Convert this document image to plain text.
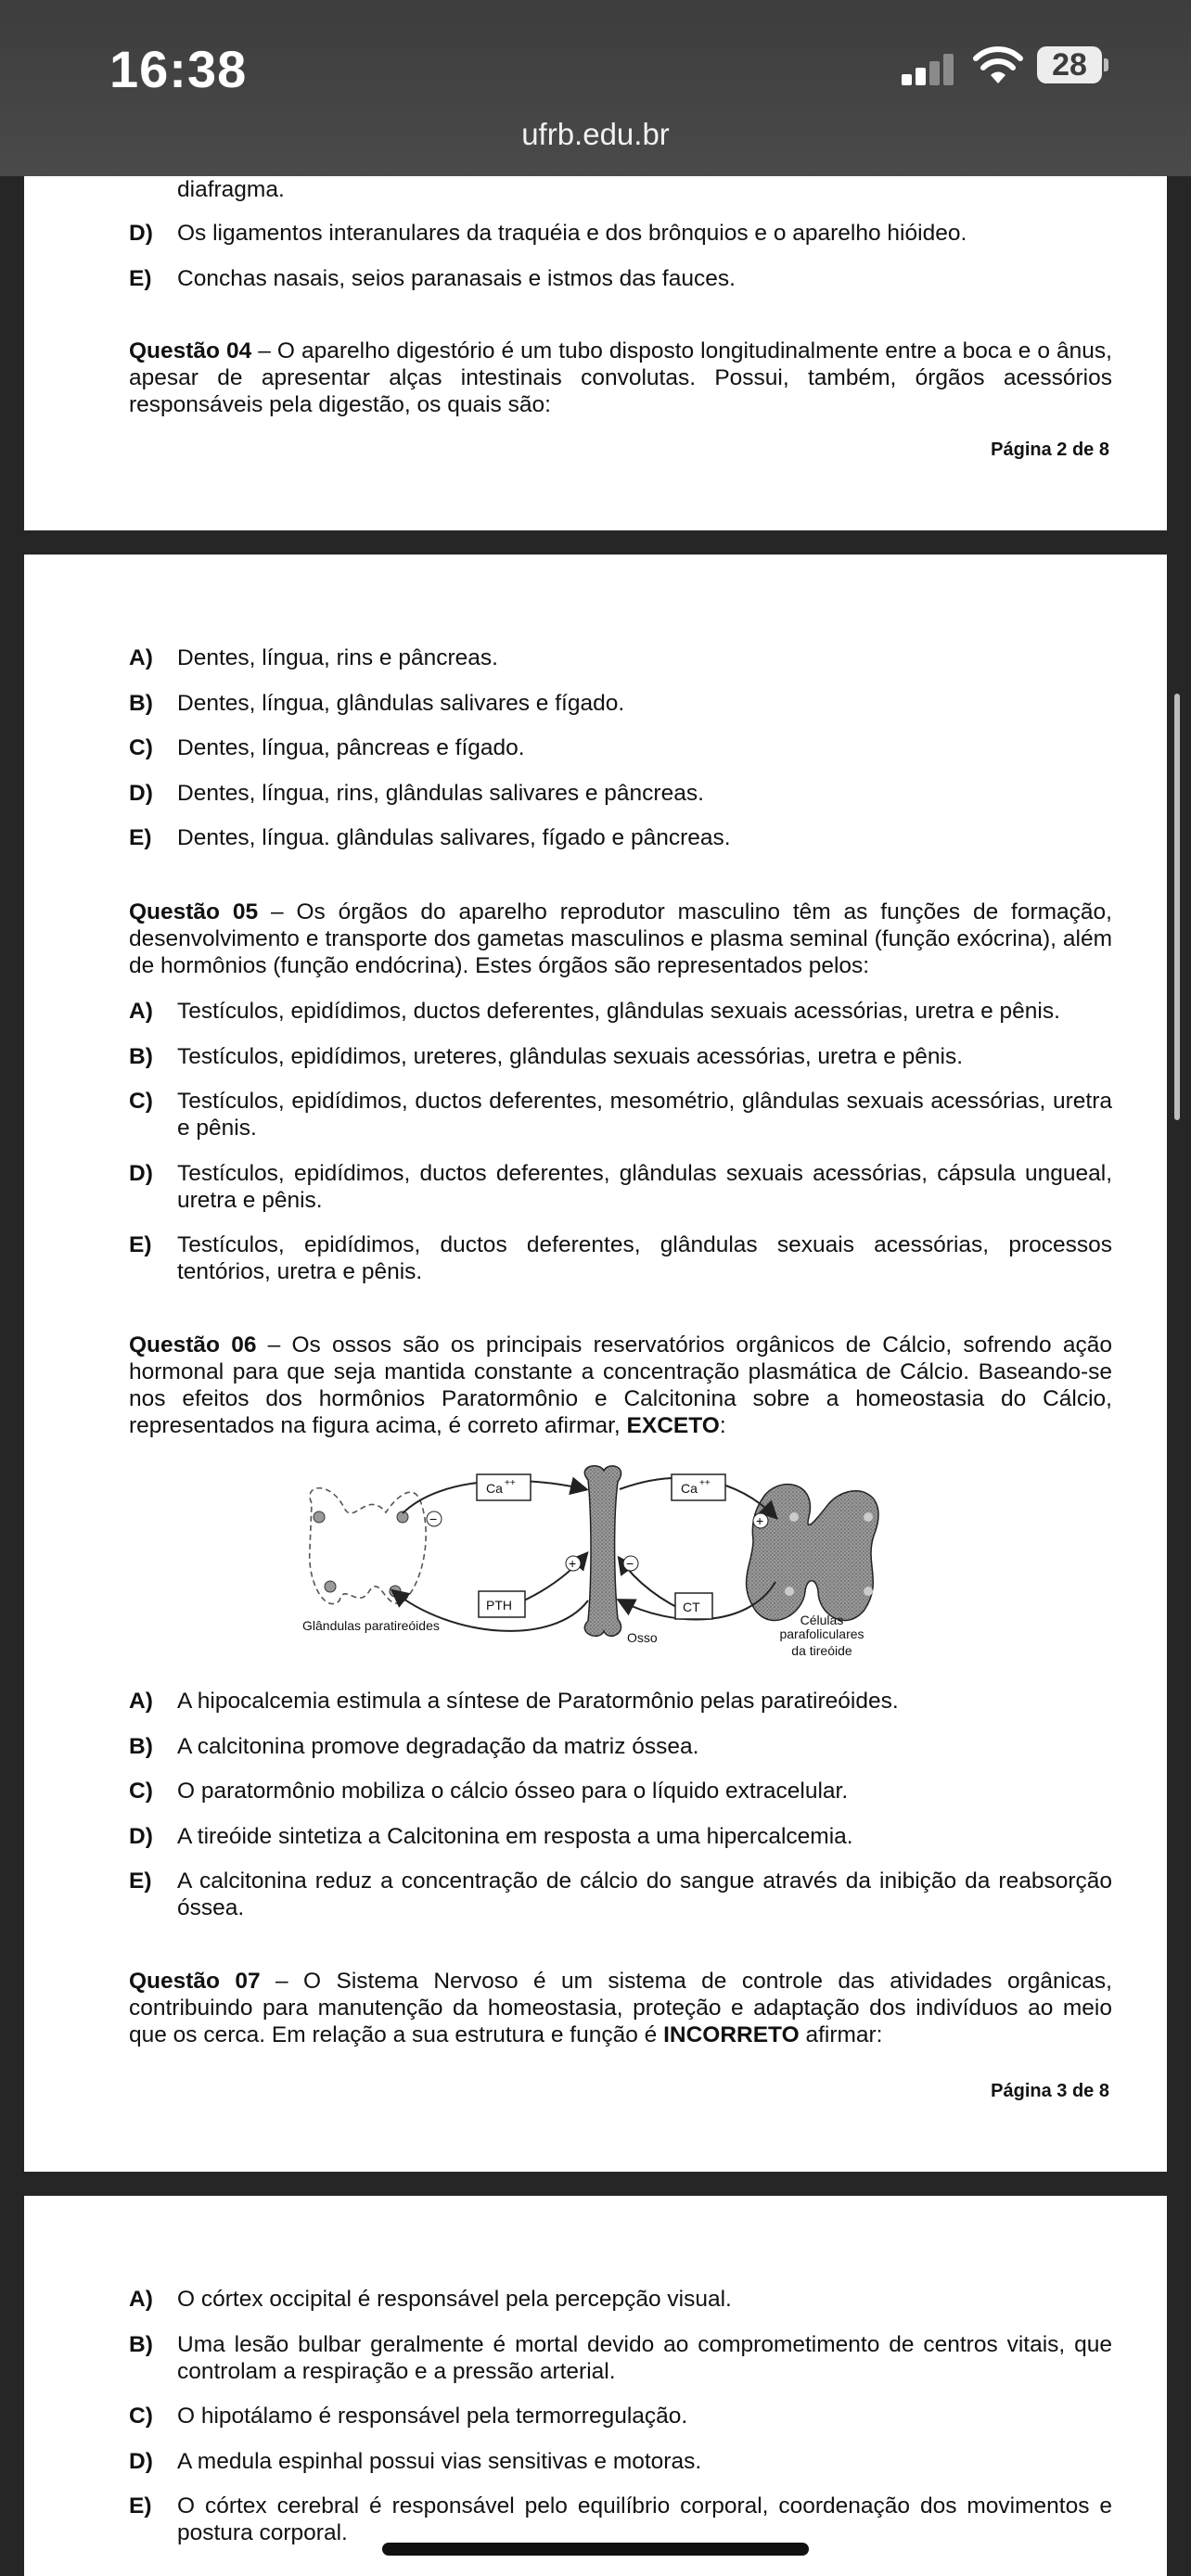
16:38	28
ufrb.edu.br
diafragma.
D) Os ligamentos interanulares da traquéia e dos brônquios e o aparelho hióideo.
E) Conchas nasais, seios paranasais e istmos das fauces.
Questão 04 – O aparelho digestório é um tubo disposto longitudinalmente entre a boca e o ânus, apesar de apresentar alças intestinais convolutas. Possui, também, órgãos acessórios responsáveis pela digestão, os quais são:
Página 2 de 8
A) Dentes, língua, rins e pâncreas.
B) Dentes, língua, glândulas salivares e fígado.
C) Dentes, língua, pâncreas e fígado.
D) Dentes, língua, rins, glândulas salivares e pâncreas.
E) Dentes, língua. glândulas salivares, fígado e pâncreas.
Questão 05 – Os órgãos do aparelho reprodutor masculino têm as funções de formação, desenvolvimento e transporte dos gametas masculinos e plasma seminal (função exócrina), além de hormônios (função endócrina). Estes órgãos são representados pelos:
A) Testículos, epidídimos, ductos deferentes, glândulas sexuais acessórias, uretra e pênis.
B) Testículos, epidídimos, ureteres, glândulas sexuais acessórias, uretra e pênis.
C) Testículos, epidídimos, ductos deferentes, mesométrio, glândulas sexuais acessórias, uretra e pênis.
D) Testículos, epidídimos, ductos deferentes, glândulas sexuais acessórias, cápsula ungueal, uretra e pênis.
E) Testículos, epidídimos, ductos deferentes, glândulas sexuais acessórias, processos tentórios, uretra e pênis.
Questão 06 – Os ossos são os principais reservatórios orgânicos de Cálcio, sofrendo ação hormonal para que seja mantida constante a concentração plasmática de Cálcio. Baseando-se nos efeitos dos hormônios Paratormônio e Calcitonina sobre a homeostasia do Cálcio, representados na figura acima, é correto afirmar, EXCETO:
Ca ++	Ca ++
PTH	CT
−
+	−
+
Glândulas paratireóides
Osso
Células
parafoliculares
da tireóide
A) A hipocalcemia estimula a síntese de Paratormônio pelas paratireóides.
B) A calcitonina promove degradação da matriz óssea.
C) O paratormônio mobiliza o cálcio ósseo para o líquido extracelular.
D) A tireóide sintetiza a Calcitonina em resposta a uma hipercalcemia.
E) A calcitonina reduz a concentração de cálcio do sangue através da inibição da reabsorção óssea.
Questão 07 – O Sistema Nervoso é um sistema de controle das atividades orgânicas, contribuindo para manutenção da homeostasia, proteção e adaptação dos indivíduos ao meio que os cerca. Em relação a sua estrutura e função é INCORRETO afirmar:
Página 3 de 8
A) O córtex occipital é responsável pela percepção visual.
B) Uma lesão bulbar geralmente é mortal devido ao comprometimento de centros vitais, que controlam a respiração e a pressão arterial.
C) O hipotálamo é responsável pela termorregulação.
D) A medula espinhal possui vias sensitivas e motoras.
E) O córtex cerebral é responsável pelo equilíbrio corporal, coordenação dos movimentos e postura corporal.
